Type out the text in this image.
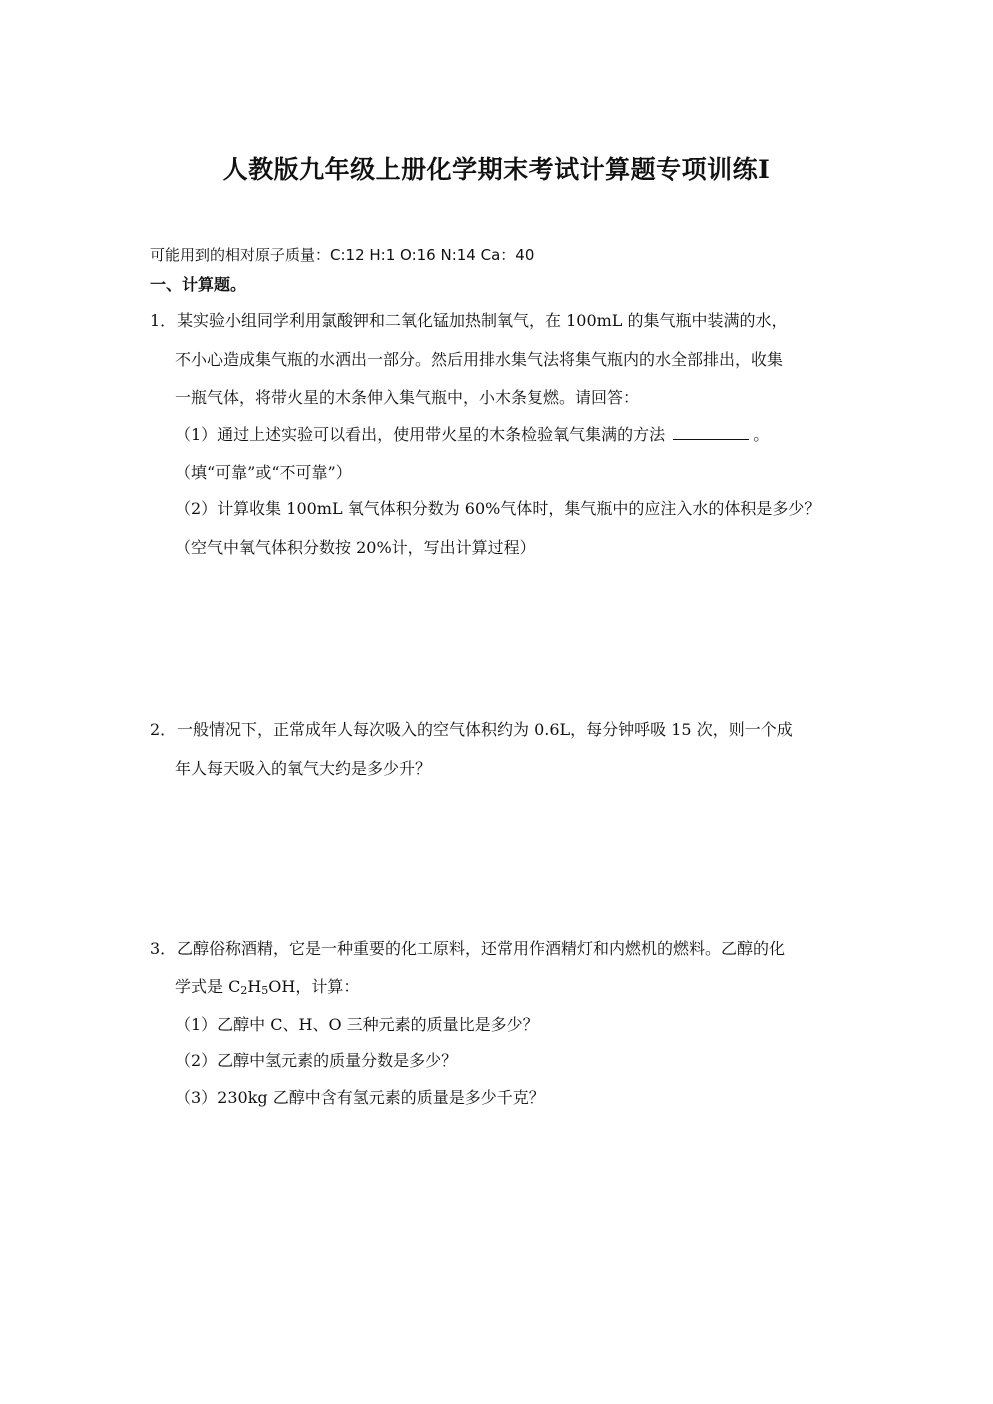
人教版九年级上册化学期末考试计算题专项训练Ⅰ
可能用到的相对原子质量：C:12 H:1 O:16 N:14 Ca：40
一、计算题。
1．某实验小组同学利用氯酸钾和二氧化锰加热制氧气，在 100mL 的集气瓶中装满的水，
不小心造成集气瓶的水洒出一部分。然后用排水集气法将集气瓶内的水全部排出，收集
一瓶气体，将带火星的木条伸入集气瓶中，小木条复燃。请回答：
（1）通过上述实验可以看出，使用带火星的木条检验氧气集满的方法	。
（填“可靠”或“不可靠”）
（2）计算收集 100mL 氧气体积分数为 60%气体时，集气瓶中的应注入水的体积是多少？
（空气中氧气体积分数按 20%计，写出计算过程）
2．一般情况下，正常成年人每次吸入的空气体积约为 0.6L，每分钟呼吸 15 次，则一个成
年人每天吸入的氧气大约是多少升？
3．乙醇俗称酒精，它是一种重要的化工原料，还常用作酒精灯和内燃机的燃料。乙醇的化
学式是 C2H5OH，计算：
（1）乙醇中 C、H、O 三种元素的质量比是多少？
（2）乙醇中氢元素的质量分数是多少？
（3）230kg 乙醇中含有氢元素的质量是多少千克？
